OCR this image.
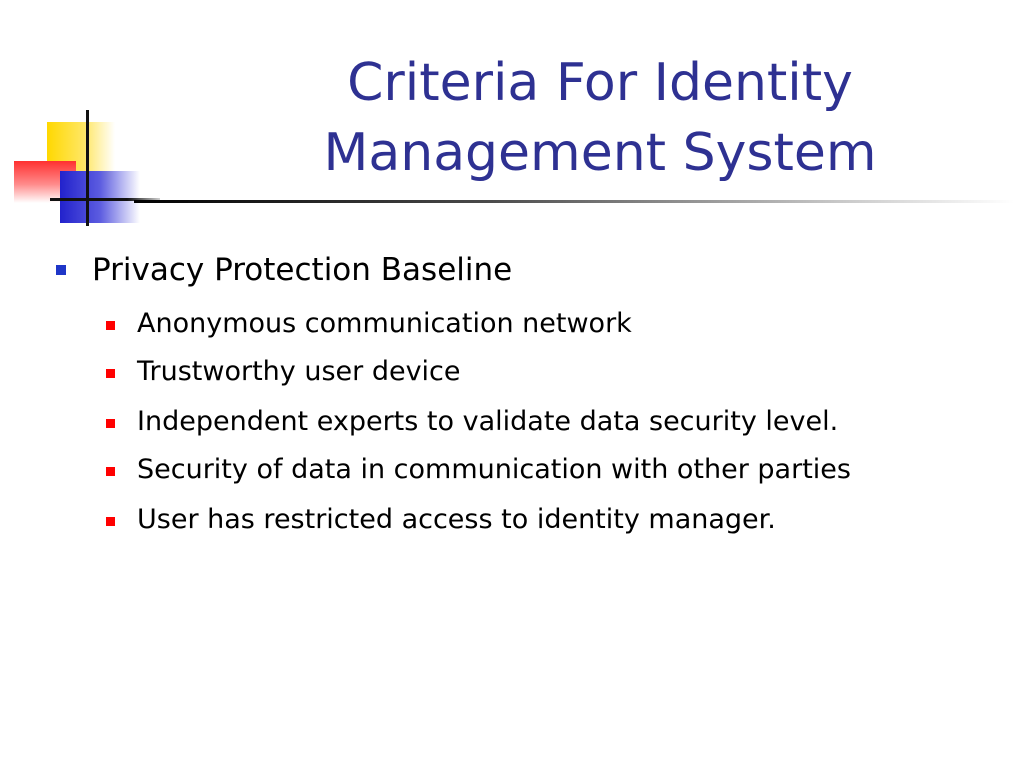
Criteria For Identity
Management System
Privacy Protection Baseline
Anonymous communication network
Trustworthy user device
Independent experts to validate data security level.
Security of data in communication with other parties
User has restricted access to identity manager.
